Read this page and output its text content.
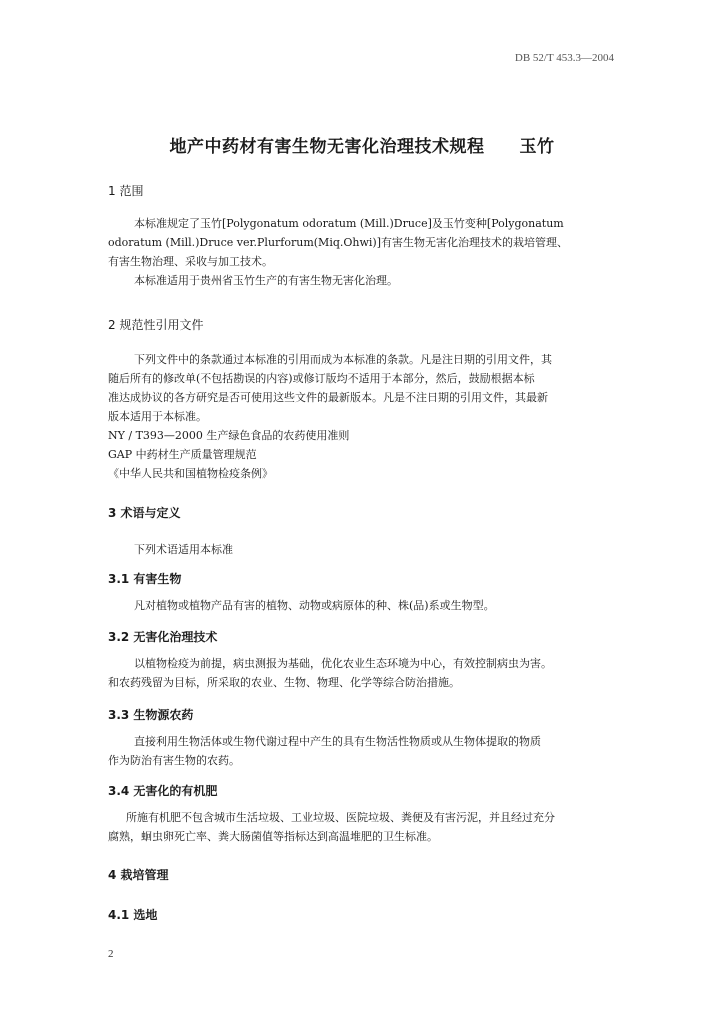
DB 52/T 453.3—2004
地产中药材有害生物无害化治理技术规程　　玉竹
1 范围
本标准规定了玉竹[Polygonatum odoratum (Mill.)Druce]及玉竹变种[Polygonatum
odoratum (Mill.)Druce ver.Plurforum(Miq.Ohwi)]有害生物无害化治理技术的栽培管理、
有害生物治理、采收与加工技术。
本标准适用于贵州省玉竹生产的有害生物无害化治理。
2 规范性引用文件
下列文件中的条款通过本标准的引用而成为本标准的条款。凡是注日期的引用文件，其
随后所有的修改单(不包括勘误的内容)或修订版均不适用于本部分，然后，鼓励根据本标
准达成协议的各方研究是否可使用这些文件的最新版本。凡是不注日期的引用文件，其最新
版本适用于本标准。
NY / T393—2000 生产绿色食品的农药使用准则
GAP 中药材生产质量管理规范
《中华人民共和国植物检疫条例》
3 术语与定义
下列术语适用本标准
3.1 有害生物
凡对植物或植物产品有害的植物、动物或病原体的种、株(品)系或生物型。
3.2 无害化治理技术
以植物检疫为前提，病虫测报为基础，优化农业生态环境为中心，有效控制病虫为害。
和农药残留为目标，所采取的农业、生物、物理、化学等综合防治措施。
3.3 生物源农药
直接利用生物活体或生物代谢过程中产生的具有生物活性物质或从生物体提取的物质
作为防治有害生物的农药。
3.4 无害化的有机肥
所施有机肥不包含城市生活垃圾、工业垃圾、医院垃圾、粪便及有害污泥，并且经过充分
腐熟，蛔虫卵死亡率、粪大肠菌值等指标达到高温堆肥的卫生标准。
4 栽培管理
4.1 选地
2
